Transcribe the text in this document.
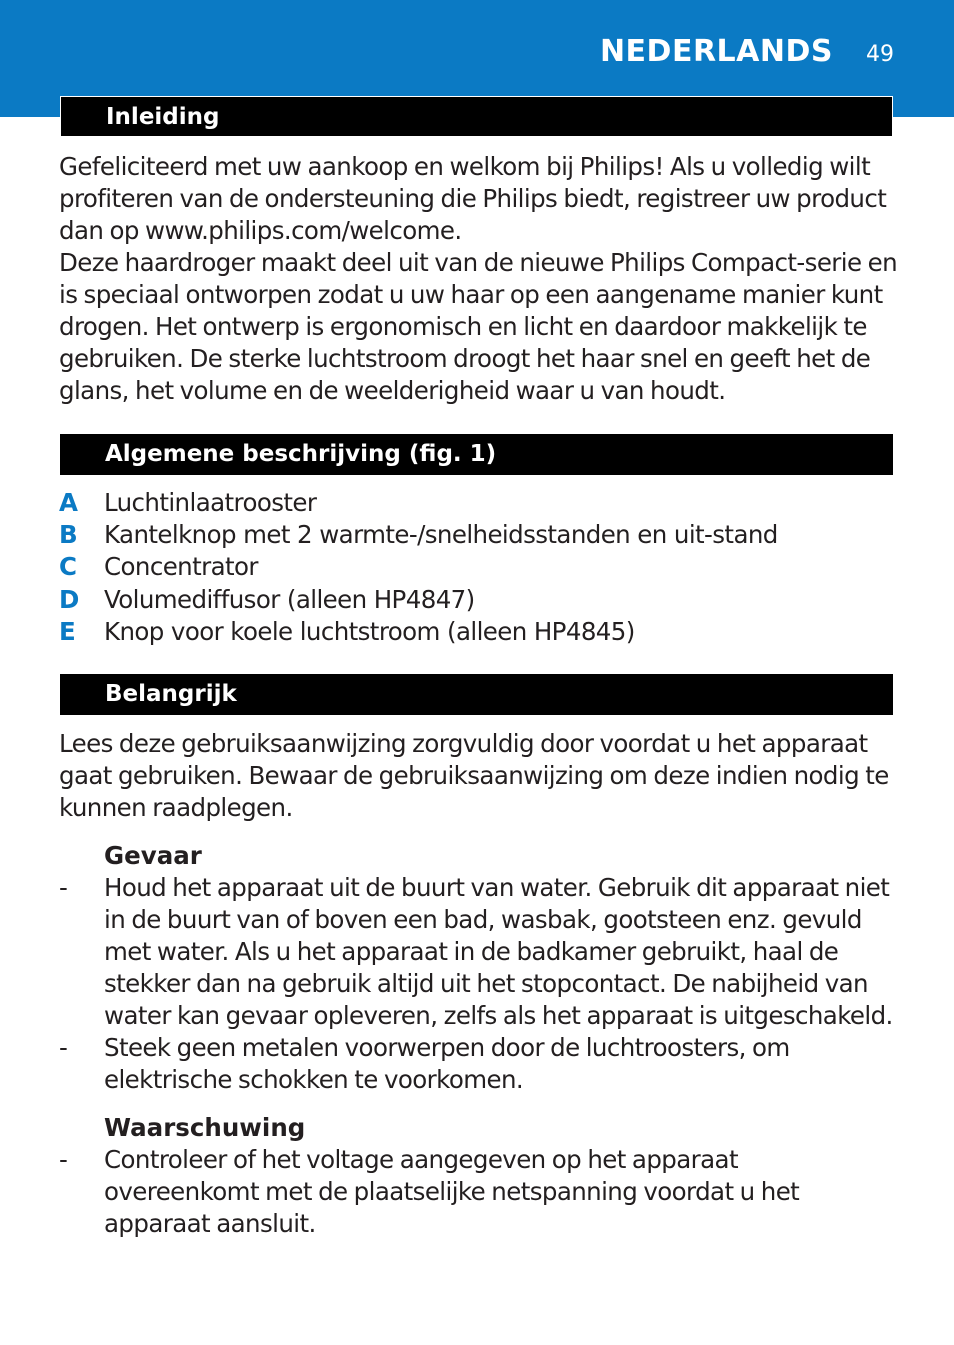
NEDERLANDS 49
Inleiding

Gefeliciteerd met uw aankoop en welkom bij Philips! Als u volledig wilt profiteren van de ondersteuning die Philips biedt, registreer uw product dan op www.philips.com/welcome.

Deze haardroger maakt deel uit van de nieuwe Philips Compact-serie en is speciaal ontworpen zodat u uw haar op een aangename manier kunt drogen. Het ontwerp is ergonomisch en licht en daardoor makkelijk te gebruiken. De sterke luchtstroom droogt het haar snel en geeft het de glans, het volume en de weelderigheid waar u van houdt.

Algemene beschrijving (fig. 1)
A Luchtinlaatrooster
B Kantelknop met 2 warmte-/snelheidsstanden en uit-stand
C Concentrator
D Volumediffusor (alleen HP4847)
E Knop voor koele luchtstroom (alleen HP4845)
Belangrijk

Lees deze gebruiksaanwijzing zorgvuldig door voordat u het apparaat gaat gebruiken. Bewaar de gebruiksaanwijzing om deze indien nodig te kunnen raadplegen.

Gevaar
- Houd het apparaat uit de buurt van water. Gebruik dit apparaat niet in de buurt van of boven een bad, wasbak, gootsteen enz. gevuld met water. Als u het apparaat in de badkamer gebruikt, haal de stekker dan na gebruik altijd uit het stopcontact. De nabijheid van water kan gevaar opleveren, zelfs als het apparaat is uitgeschakeld.
- Steek geen metalen voorwerpen door de luchtroosters, om elektrische schokken te voorkomen.
Waarschuwing
- Controleer of het voltage aangegeven op het apparaat overeenkomt met de plaatselijke netspanning voordat u het apparaat aansluit.
